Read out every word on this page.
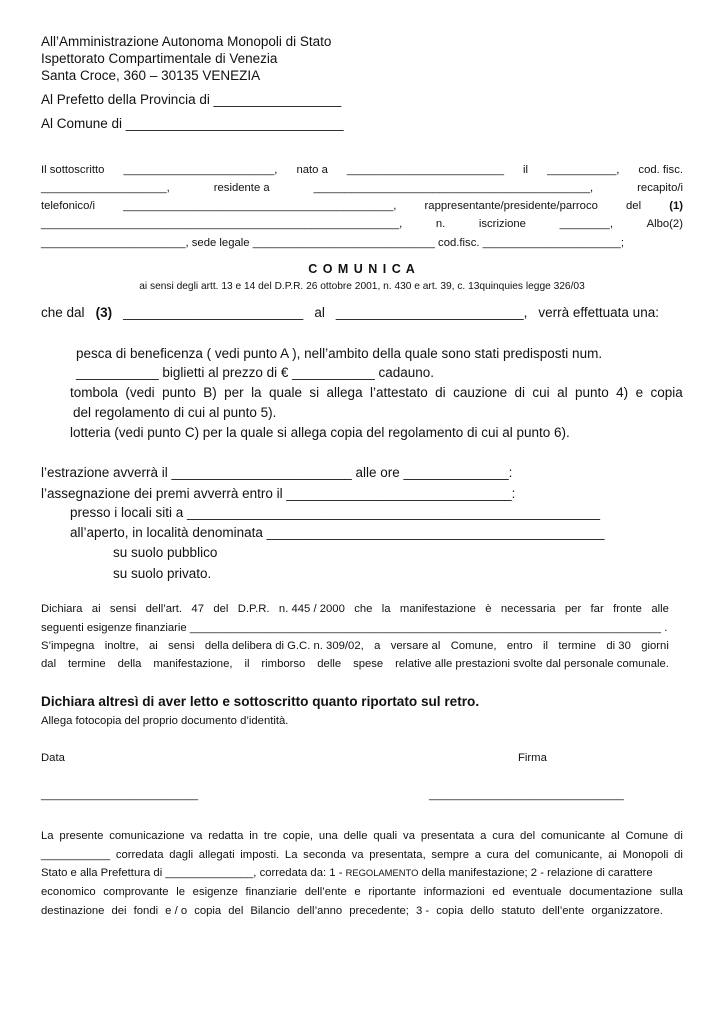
All’Amministrazione Autonoma Monopoli di Stato
Ispettorato Compartimentale di Venezia
Santa Croce, 360 – 30135 VENEZIA
Al Prefetto della Provincia di _________________
Al Comune di _____________________________
Il sottoscritto ________________________, nato a _________________________ il ___________, cod. fisc.
____________________,	residente a	____________________________________________,	recapito/i
telefonico/i ___________________________________________, rappresentante/presidente/parroco del (1)
_________________________________________________________,	n.	iscrizione	________,	Albo(2)
_______________________, sede legale _____________________________ cod.fisc. ______________________;
C O M U N I C A
ai sensi degli artt. 13 e 14 del D.P.R. 26 ottobre 2001, n. 430 e art. 39, c. 13quinquies legge 326/03
che dal (3) ________________________ al _________________________, verrà effettuata una:
pesca di beneficenza ( vedi punto A ), nell’ambito della quale sono stati predisposti num.
___________ biglietti al prezzo di € ___________ cadauno.
tombola (vedi punto B) per la quale si allega l’attestato di cauzione di cui al punto 4) e copia
del regolamento di cui al punto 5).
lotteria (vedi punto C) per la quale si allega copia del regolamento di cui al punto 6).
l’estrazione avverrà il ________________________ alle ore ______________:
l’assegnazione dei premi avverrà entro il ______________________________:
presso i locali siti a _______________________________________________________
all’aperto, in località denominata _____________________________________________
su suolo pubblico
su suolo privato.
Dichiara ai sensi dell’art. 47 del D.P.R. n. 445 / 2000 che la manifestazione è necessaria per far fronte alle
seguenti esigenze finanziarie ___________________________________________________________________________ .
S’impegna inoltre, ai sensi della delibera di G.C. n. 309/02, a versare al Comune, entro il termine di 30 giorni
dal termine della manifestazione, il rimborso delle spese relative alle prestazioni svolte dal personale comunale.
Dichiara altresì di aver letto e sottoscritto quanto riportato sul retro.
Allega fotocopia del proprio documento d’identità.
Data	Firma
_________________________	_______________________________
La presente comunicazione va redatta in tre copie, una delle quali va presentata a cura del comunicante al Comune di
___________ corredata dagli allegati imposti. La seconda va presentata, sempre a cura del comunicante, ai Monopoli di
Stato e alla Prefettura di ______________, corredata da: 1 - REGOLAMENTO della manifestazione; 2 - relazione di carattere
economico comprovante le esigenze finanziarie dell’ente e riportante informazioni ed eventuale documentazione sulla
destinazione dei fondi e / o copia del Bilancio dell’anno precedente; 3 - copia dello statuto dell’ente organizzatore.
